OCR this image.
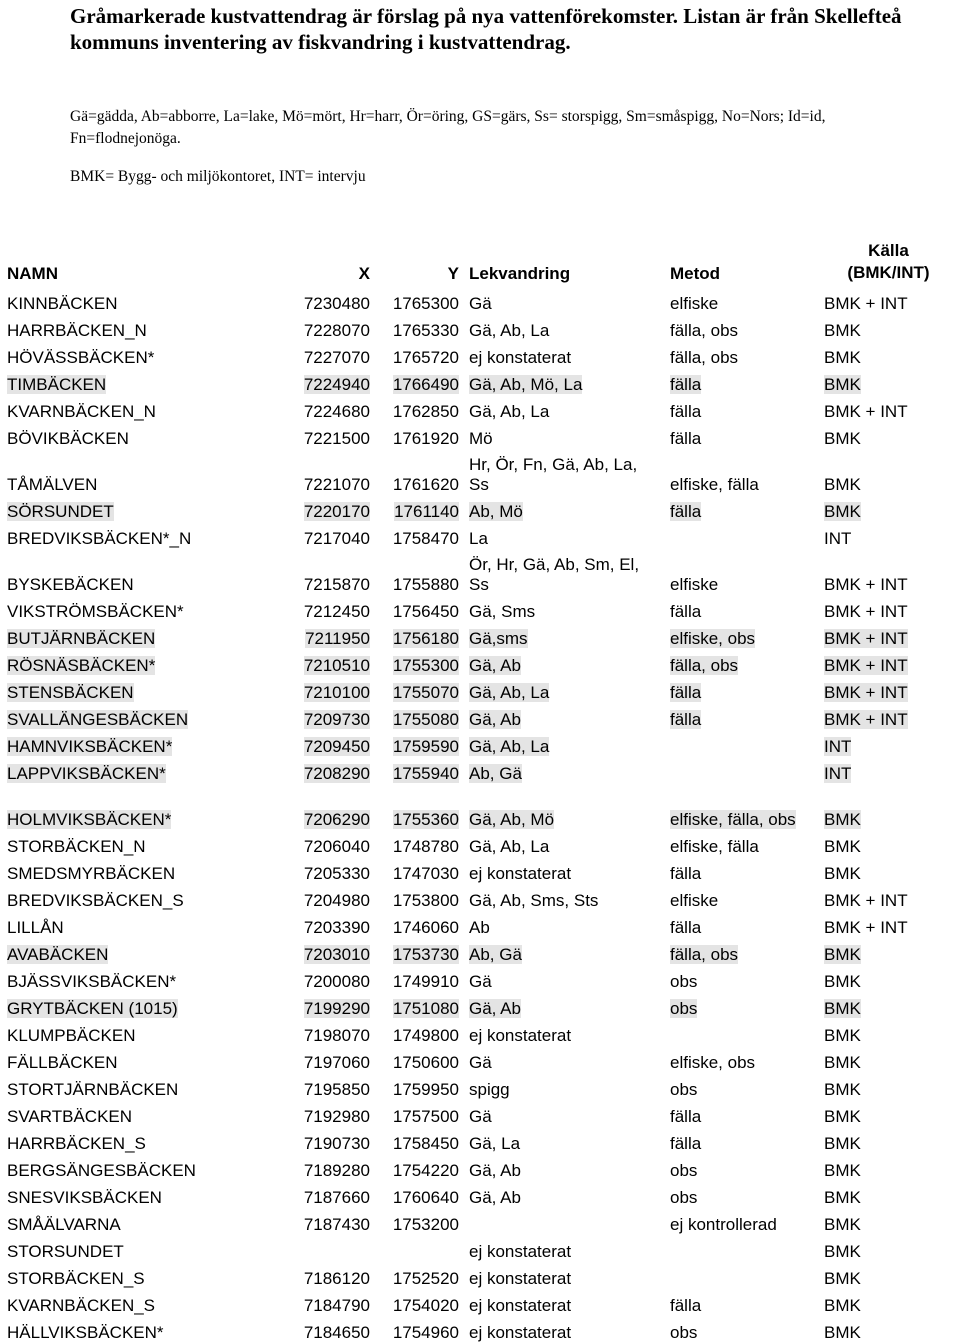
Gråmarkerade kustvattendrag är förslag på nya vattenförekomster. Listan är från Skellefteå kommuns inventering av fiskvandring i kustvattendrag.
Gä=gädda, Ab=abborre, La=lake, Mö=mört, Hr=harr, Ör=öring, GS=gärs, Ss= storspigg, Sm=småspigg, No=Nors; Id=id, Fn=flodnejonöga.
BMK= Bygg- och miljökontoret, INT= intervju
NAMN	X	Y	Lekvandring	Metod	Källa
(BMK/INT)
KINNBÄCKEN	7230480	1765300	Gä	elfiske	BMK + INT
HARRBÄCKEN_N	7228070	1765330	Gä, Ab, La	fälla, obs	BMK
HÖVÄSSBÄCKEN*	7227070	1765720	ej konstaterat	fälla, obs	BMK
TIMBÄCKEN	7224940	1766490	Gä, Ab, Mö, La	fälla	BMK
KVARNBÄCKEN_N	7224680	1762850	Gä, Ab, La	fälla	BMK + INT
BÖVIKBÄCKEN	7221500	1761920	Mö	fälla	BMK
TÅMÄLVEN	7221070	1761620	Hr, Ör, Fn, Gä, Ab, La, Ss	elfiske, fälla	BMK
SÖRSUNDET	7220170	1761140	Ab, Mö	fälla	BMK
BREDVIKSBÄCKEN*_N	7217040	1758470	La		INT
BYSKEBÄCKEN	7215870	1755880	Ör, Hr, Gä, Ab, Sm, El, Ss	elfiske	BMK + INT
VIKSTRÖMSBÄCKEN*	7212450	1756450	Gä, Sms	fälla	BMK + INT
BUTJÄRNBÄCKEN	7211950	1756180	Gä,sms	elfiske, obs	BMK + INT
RÖSNÄSBÄCKEN*	7210510	1755300	Gä, Ab	fälla, obs	BMK + INT
STENSBÄCKEN	7210100	1755070	Gä, Ab, La	fälla	BMK + INT
SVALLÄNGESBÄCKEN	7209730	1755080	Gä, Ab	fälla	BMK + INT
HAMNVIKSBÄCKEN*	7209450	1759590	Gä, Ab, La		INT
LAPPVIKSBÄCKEN*	7208290	1755940	Ab, Gä		INT
HOLMVIKSBÄCKEN*	7206290	1755360	Gä, Ab, Mö	elfiske, fälla, obs	BMK
STORBÄCKEN_N	7206040	1748780	Gä, Ab, La	elfiske, fälla	BMK
SMEDSMYRBÄCKEN	7205330	1747030	ej konstaterat	fälla	BMK
BREDVIKSBÄCKEN_S	7204980	1753800	Gä, Ab, Sms, Sts	elfiske	BMK + INT
LILLÅN	7203390	1746060	Ab	fälla	BMK + INT
AVABÄCKEN	7203010	1753730	Ab, Gä	fälla, obs	BMK
BJÄSSVIKSBÄCKEN*	7200080	1749910	Gä	obs	BMK
GRYTBÄCKEN (1015)	7199290	1751080	Gä, Ab	obs	BMK
KLUMPBÄCKEN	7198070	1749800	ej konstaterat		BMK
FÄLLBÄCKEN	7197060	1750600	Gä	elfiske, obs	BMK
STORTJÄRNBÄCKEN	7195850	1759950	spigg	obs	BMK
SVARTBÄCKEN	7192980	1757500	Gä	fälla	BMK
HARRBÄCKEN_S	7190730	1758450	Gä, La	fälla	BMK
BERGSÄNGESBÄCKEN	7189280	1754220	Gä, Ab	obs	BMK
SNESVIKSBÄCKEN	7187660	1760640	Gä, Ab	obs	BMK
SMÅÄLVARNA	7187430	1753200		ej kontrollerad	BMK
STORSUNDET			ej konstaterat		BMK
STORBÄCKEN_S	7186120	1752520	ej konstaterat		BMK
KVARNBÄCKEN_S	7184790	1754020	ej konstaterat	fälla	BMK
HÄLLVIKSBÄCKEN*	7184650	1754960	ej konstaterat	obs	BMK
